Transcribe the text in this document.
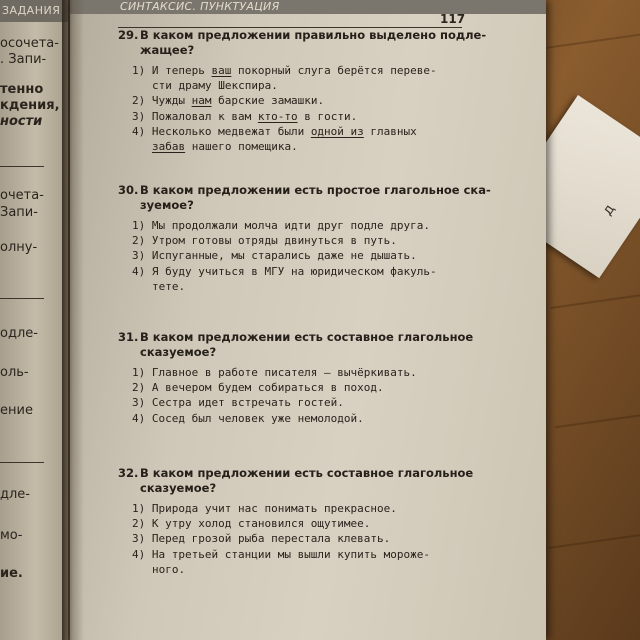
д
ЗАДАНИЯ
осочета-
. Запи-
тенно
кдения,
ности
очета-
Запи-
олну-
одле-
оль-
ение
дле-
мо-
ие.
СИНТАКСИС. ПУНКТУАЦИЯ
117
29. В каком предложении правильно выделено подле-
жащее?
1) И теперь ваш покорный слуга берётся переве-
сти драму Шекспира.
2) Чужды нам барские замашки.
3) Пожаловал к вам кто-то в гости.
4) Несколько медвежат были одной из главных
забав нашего помещика.
30. В каком предложении есть простое глагольное ска-
зуемое?
1) Мы продолжали молча идти друг подле друга.
2) Утром готовы отряды двинуться в путь.
3) Испуганные, мы старались даже не дышать.
4) Я буду учиться в МГУ на юридическом факуль-
тете.
31. В каком предложении есть составное глагольное
сказуемое?
1) Главное в работе писателя — вычёркивать.
2) А вечером будем собираться в поход.
3) Сестра идет встречать гостей.
4) Сосед был человек уже немолодой.
32. В каком предложении есть составное глагольное
сказуемое?
1) Природа учит нас понимать прекрасное.
2) К утру холод становился ощутимее.
3) Перед грозой рыба перестала клевать.
4) На третьей станции мы вышли купить мороже-
ного.
